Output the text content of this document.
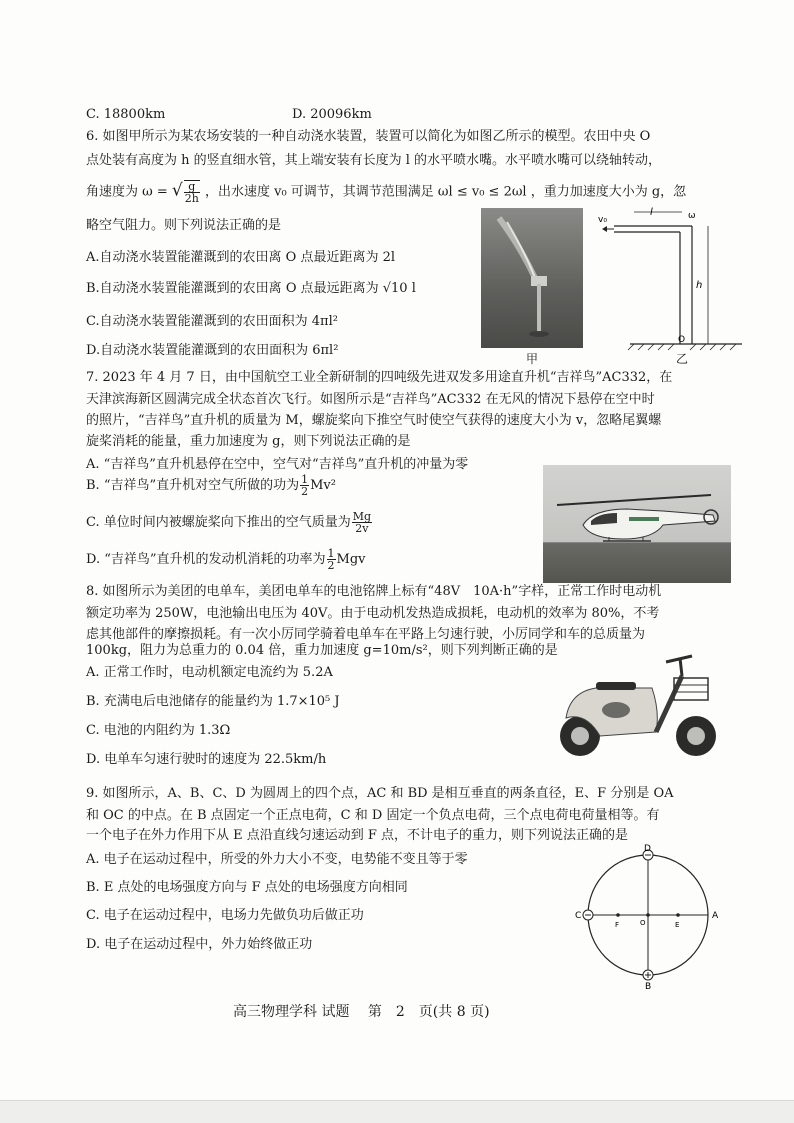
C. 18800km	D. 20096km
6. 如图甲所示为某农场安装的一种自动浇水装置，装置可以简化为如图乙所示的模型。农田中央 O
点处装有高度为 h 的竖直细水管，其上端安装有长度为 l 的水平喷水嘴。水平喷水嘴可以绕轴转动，
角速度为 ω = √ $\frac{g}{2h}$ ，出水速度 v₀ 可调节，其调节范围满足 ωl ≤ v₀ ≤ 2ωl ，重力加速度大小为 g，忽
略空气阻力。则下列说法正确的是
A.自动浇水装置能灌溉到的农田离 O 点最近距离为 2l
B.自动浇水装置能灌溉到的农田离 O 点最远距离为 √10 l
C.自动浇水装置能灌溉到的农田面积为 4πl²
D.自动浇水装置能灌溉到的农田面积为 6πl²
甲
v₀
l	ω
h
O
乙
7. 2023 年 4 月 7 日，由中国航空工业全新研制的四吨级先进双发多用途直升机“吉祥鸟”AC332，在
天津滨海新区圆满完成全状态首次飞行。如图所示是“吉祥鸟”AC332 在无风的情况下悬停在空中时
的照片，“吉祥鸟”直升机的质量为 M，螺旋桨向下推空气时使空气获得的速度大小为 v，忽略尾翼螺
旋桨消耗的能量，重力加速度为 g，则下列说法正确的是
A. “吉祥鸟”直升机悬停在空中，空气对“吉祥鸟”直升机的冲量为零
B. “吉祥鸟”直升机对空气所做的功为 $\frac{1}{2} Mv^2$
C. 单位时间内被螺旋桨向下推出的空气质量为 $\frac{Mg}{2v}$
D. “吉祥鸟”直升机的发动机消耗的功率为 $\frac{1}{2}$ Mgv
8. 如图所示为美团的电单车，美团电单车的电池铭牌上标有“48V　10A·h”字样，正常工作时电动机
额定功率为 250W，电池输出电压为 40V。由于电动机发热造成损耗，电动机的效率为 80%，不考
虑其他部件的摩擦损耗。有一次小厉同学骑着电单车在平路上匀速行驶，小厉同学和车的总质量为
100kg，阻力为总重力的 0.04 倍，重力加速度 g=10m/s²，则下列判断正确的是
A. 正常工作时，电动机额定电流约为 5.2A
B. 充满电后电池储存的能量约为 1.7×10⁵ J
C. 电池的内阻约为 1.3Ω
D. 电单车匀速行驶时的速度为 22.5km/h
9. 如图所示，A、B、C、D 为圆周上的四个点，AC 和 BD 是相互垂直的两条直径，E、F 分别是 OA
和 OC 的中点。在 B 点固定一个正点电荷，C 和 D 固定一个负点电荷，三个点电荷电荷量相等。有
一个电子在外力作用下从 E 点沿直线匀速运动到 F 点，不计电子的重力，则下列说法正确的是
A. 电子在运动过程中，所受的外力大小不变，电势能不变且等于零
B. E 点处的电场强度方向与 F 点处的电场强度方向相同
C. 电子在运动过程中，电场力先做负功后做正功
D. 电子在运动过程中，外力始终做正功
D
B
C	A
F	E
O
高三物理学科 试题　 第　2　页(共 8 页)
